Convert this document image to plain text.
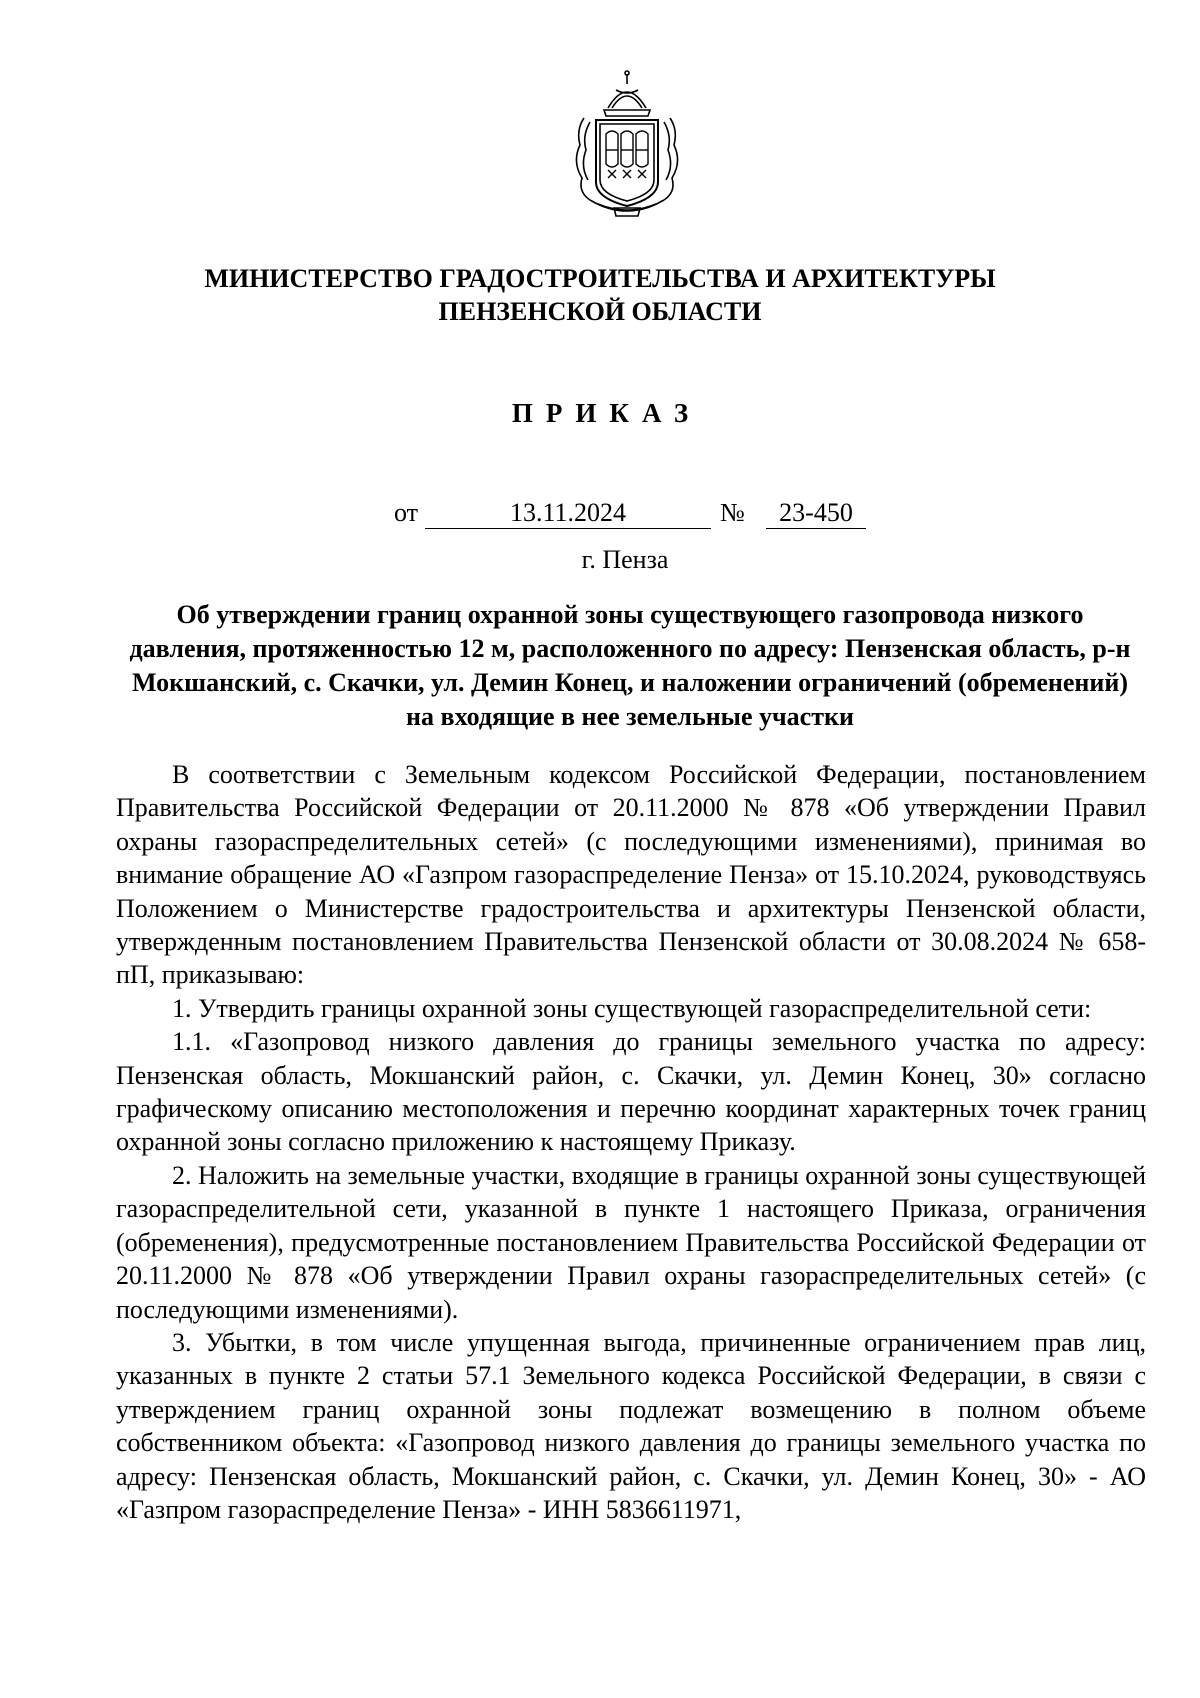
МИНИСТЕРСТВО ГРАДОСТРОИТЕЛЬСТВА И АРХИТЕКТУРЫ
ПЕНЗЕНСКОЙ ОБЛАСТИ
ПРИКАЗ
от	13.11.2024	№	23-450
г. Пенза
Об утверждении границ охранной зоны существующего газопровода низкого давления, протяженностью 12 м, расположенного по адресу: Пензенская область, р-н Мокшанский, с. Скачки, ул. Демин Конец, и наложении ограничений (обременений) на входящие в нее земельные участки

В соответствии с Земельным кодексом Российской Федерации, постановлением Правительства Российской Федерации от 20.11.2000 № 878 «Об утверждении Правил охраны газораспределительных сетей» (с последующими изменениями), принимая во внимание обращение АО «Газпром газораспределение Пенза» от 15.10.2024, руководствуясь Положением о Министерстве градостроительства и архитектуры Пензенской области, утвержденным постановлением Правительства Пензенской области от 30.08.2024 № 658-пП, приказываю:

1. Утвердить границы охранной зоны существующей газораспределительной сети:

1.1. «Газопровод низкого давления до границы земельного участка по адресу: Пензенская область, Мокшанский район, с. Скачки, ул. Демин Конец, 30» согласно графическому описанию местоположения и перечню координат характерных точек границ охранной зоны согласно приложению к настоящему Приказу.

2. Наложить на земельные участки, входящие в границы охранной зоны существующей газораспределительной сети, указанной в пункте 1 настоящего Приказа, ограничения (обременения), предусмотренные постановлением Правительства Российской Федерации от 20.11.2000 № 878 «Об утверждении Правил охраны газораспределительных сетей» (с последующими изменениями).

3. Убытки, в том числе упущенная выгода, причиненные ограничением прав лиц, указанных в пункте 2 статьи 57.1 Земельного кодекса Российской Федерации, в связи с утверждением границ охранной зоны подлежат возмещению в полном объеме собственником объекта: «Газопровод низкого давления до границы земельного участка по адресу: Пензенская область, Мокшанский район, с. Скачки, ул. Демин Конец, 30» - АО «Газпром газораспределение Пенза» - ИНН 5836611971,
